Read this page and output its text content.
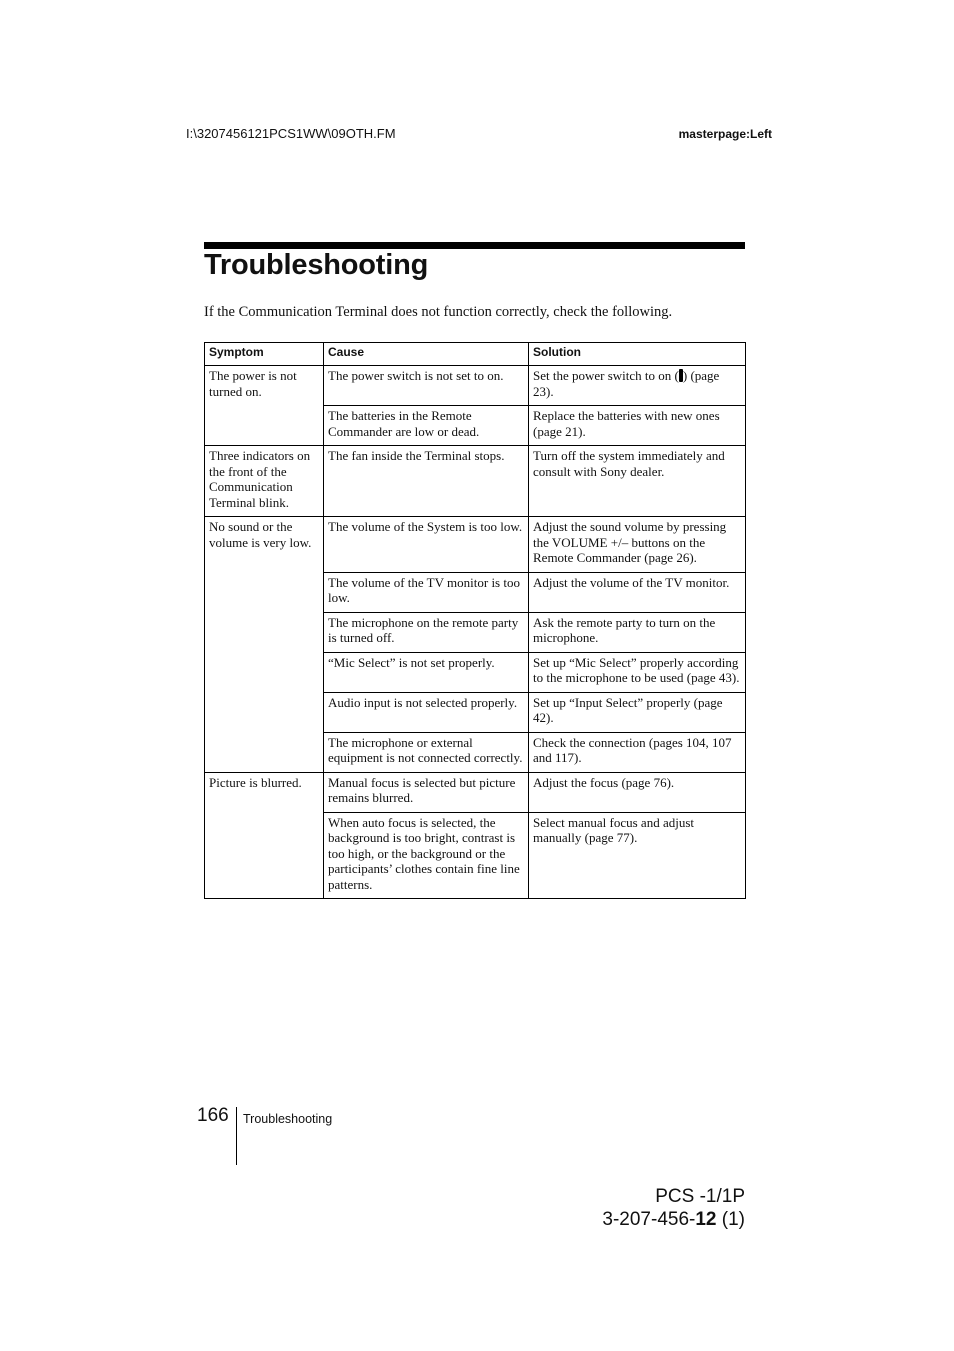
I:\3207456121PCS1WW\09OTH.FM	masterpage:Left
Troubleshooting
If the Communication Terminal does not function correctly, check the following.
Symptom	Cause	Solution
The power is not turned on.	The power switch is not set to on.	Set the power switch to on ( ) (page 23).
	The batteries in the Remote Commander are low or dead.	Replace the batteries with new ones (page 21).
Three indicators on the front of the Communication Terminal blink.	The fan inside the Terminal stops.	Turn off the system immediately and consult with Sony dealer.
No sound or the volume is very low.	The volume of the System is too low.	Adjust the sound volume by pressing the VOLUME +/– buttons on the Remote Commander (page 26).
	The volume of the TV monitor is too low.	Adjust the volume of the TV monitor.
	The microphone on the remote party is turned off.	Ask the remote party to turn on the microphone.
	“Mic Select” is not set properly.	Set up “Mic Select” properly according to the microphone to be used (page 43).
	Audio input is not selected properly.	Set up “Input Select” properly (page 42).
	The microphone or external equipment is not connected correctly.	Check the connection (pages 104, 107 and 117).
Picture is blurred.	Manual focus is selected but picture remains blurred.	Adjust the focus (page 76).
	When auto focus is selected, the background is too bright, contrast is too high, or the background or the participants’ clothes contain fine line patterns.	Select manual focus and adjust manually (page 77).
166 Troubleshooting
PCS -1/1P
3-207-456-12 (1)
